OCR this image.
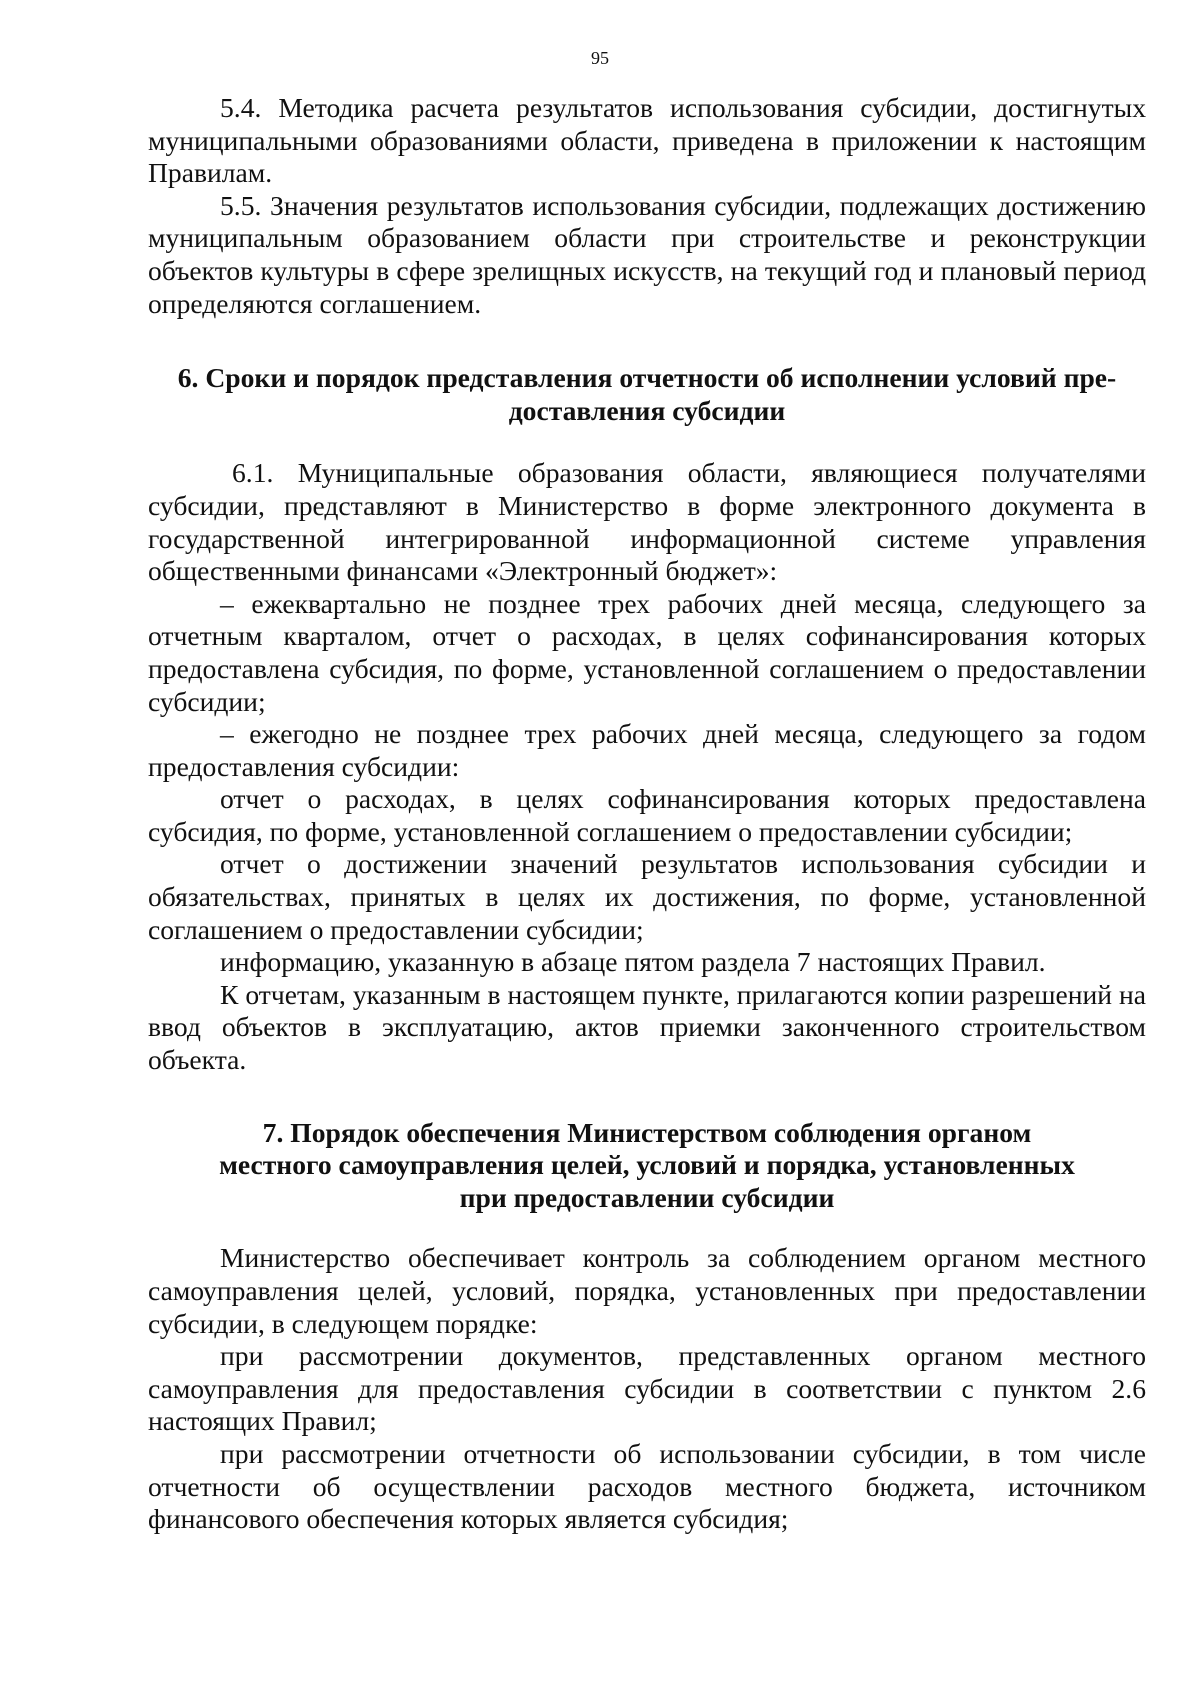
95

5.4. Методика расчета результатов использования субсидии, достигнутых муниципальными образованиями области, приведена в приложении к настоящим Правилам.

5.5. Значения результатов использования субсидии, подлежащих достижению муниципальным образованием области при строительстве и реконструкции объектов культуры в сфере зрелищных искусств, на текущий год и плановый период определяются соглашением.

6. Сроки и порядок представления отчетности об исполнении условий пре-
доставления субсидии

6.1. Муниципальные образования области, являющиеся получателями субсидии, представляют в Министерство в форме электронного документа в государственной интегрированной информационной системе управления общественными финансами «Электронный бюджет»:

– ежеквартально не позднее трех рабочих дней месяца, следующего за отчетным кварталом, отчет о расходах, в целях софинансирования которых предоставлена субсидия, по форме, установленной соглашением о предоставлении субсидии;

– ежегодно не позднее трех рабочих дней месяца, следующего за годом предоставления субсидии:

отчет о расходах, в целях софинансирования которых предоставлена субсидия, по форме, установленной соглашением о предоставлении субсидии;

отчет о достижении значений результатов использования субсидии и обязательствах, принятых в целях их достижения, по форме, установленной соглашением о предоставлении субсидии;

информацию, указанную в абзаце пятом раздела 7 настоящих Правил.

К отчетам, указанным в настоящем пункте, прилагаются копии разрешений на ввод объектов в эксплуатацию, актов приемки законченного строительством объекта.

7. Порядок обеспечения Министерством соблюдения органом
местного самоуправления целей, условий и порядка, установленных
при предоставлении субсидии

Министерство обеспечивает контроль за соблюдением органом местного самоуправления целей, условий, порядка, установленных при предоставлении субсидии, в следующем порядке:

при рассмотрении документов, представленных органом местного самоуправления для предоставления субсидии в соответствии с пунктом 2.6 настоящих Правил;

при рассмотрении отчетности об использовании субсидии, в том числе отчетности об осуществлении расходов местного бюджета, источником финансового обеспечения которых является субсидия;
